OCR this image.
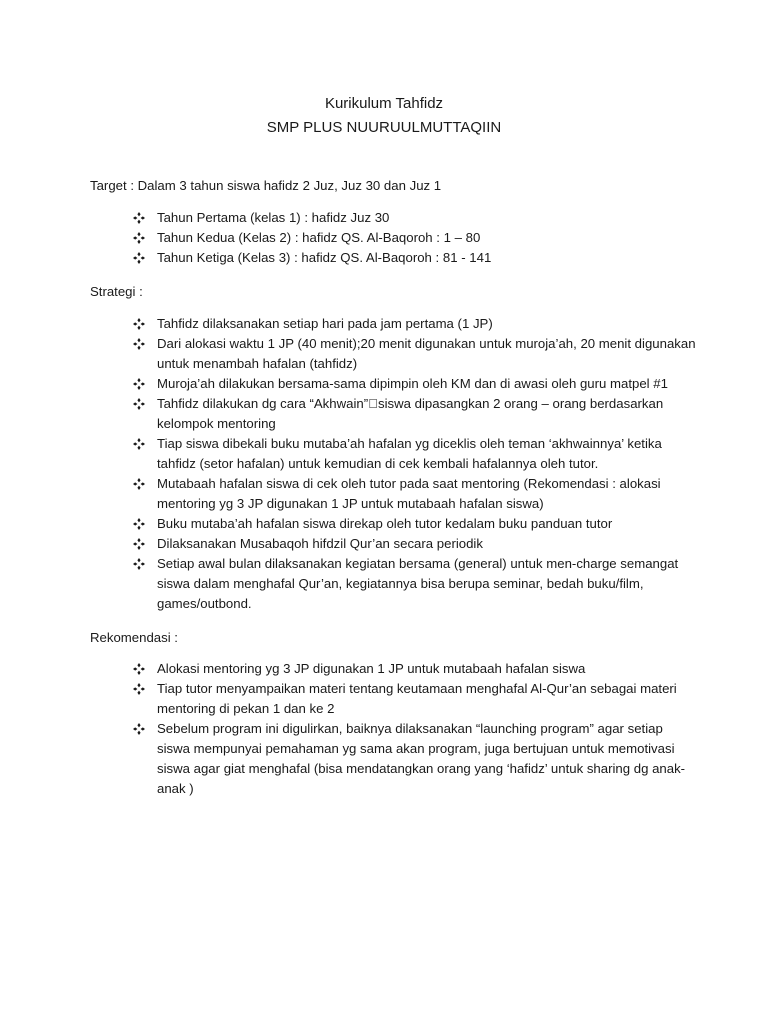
Kurikulum Tahfidz
SMP PLUS NUURUULMUTTAQIIN
Target : Dalam 3 tahun siswa hafidz 2 Juz, Juz 30 dan Juz 1
Tahun Pertama (kelas 1) : hafidz Juz 30
Tahun Kedua (Kelas 2) : hafidz QS. Al-Baqoroh : 1 – 80
Tahun Ketiga (Kelas 3) : hafidz QS. Al-Baqoroh : 81 - 141
Strategi :
Tahfidz dilaksanakan setiap hari pada jam pertama (1 JP)
Dari alokasi waktu 1 JP (40 menit);20 menit digunakan untuk muroja’ah, 20 menit digunakan
untuk menambah hafalan (tahfidz)
Muroja’ah dilakukan bersama-sama dipimpin oleh KM dan di awasi oleh guru matpel #1
Tahfidz dilakukan dg cara “Akhwain” siswa dipasangkan 2 orang – orang berdasarkan
kelompok mentoring
Tiap siswa dibekali buku mutaba’ah hafalan yg diceklis oleh teman ‘akhwainnya’ ketika
tahfidz (setor hafalan) untuk kemudian di cek kembali hafalannya oleh tutor.
Mutabaah hafalan siswa di cek oleh tutor pada saat mentoring (Rekomendasi : alokasi
mentoring yg 3 JP digunakan 1 JP untuk mutabaah hafalan siswa)
Buku mutaba’ah hafalan siswa direkap oleh tutor kedalam buku panduan tutor
Dilaksanakan Musabaqoh hifdzil Qur’an secara periodik
Setiap awal bulan dilaksanakan kegiatan bersama (general) untuk men-charge semangat
siswa dalam menghafal Qur’an, kegiatannya bisa berupa seminar, bedah buku/film,
games/outbond.
Rekomendasi :
Alokasi mentoring yg 3 JP digunakan 1 JP untuk mutabaah hafalan siswa
Tiap tutor menyampaikan materi tentang keutamaan menghafal Al-Qur’an sebagai materi
mentoring di pekan 1 dan ke 2
Sebelum program ini digulirkan, baiknya dilaksanakan “launching program” agar setiap
siswa mempunyai pemahaman yg sama akan program, juga bertujuan untuk memotivasi
siswa agar giat menghafal (bisa mendatangkan orang yang ‘hafidz’ untuk sharing dg anak-
anak )
